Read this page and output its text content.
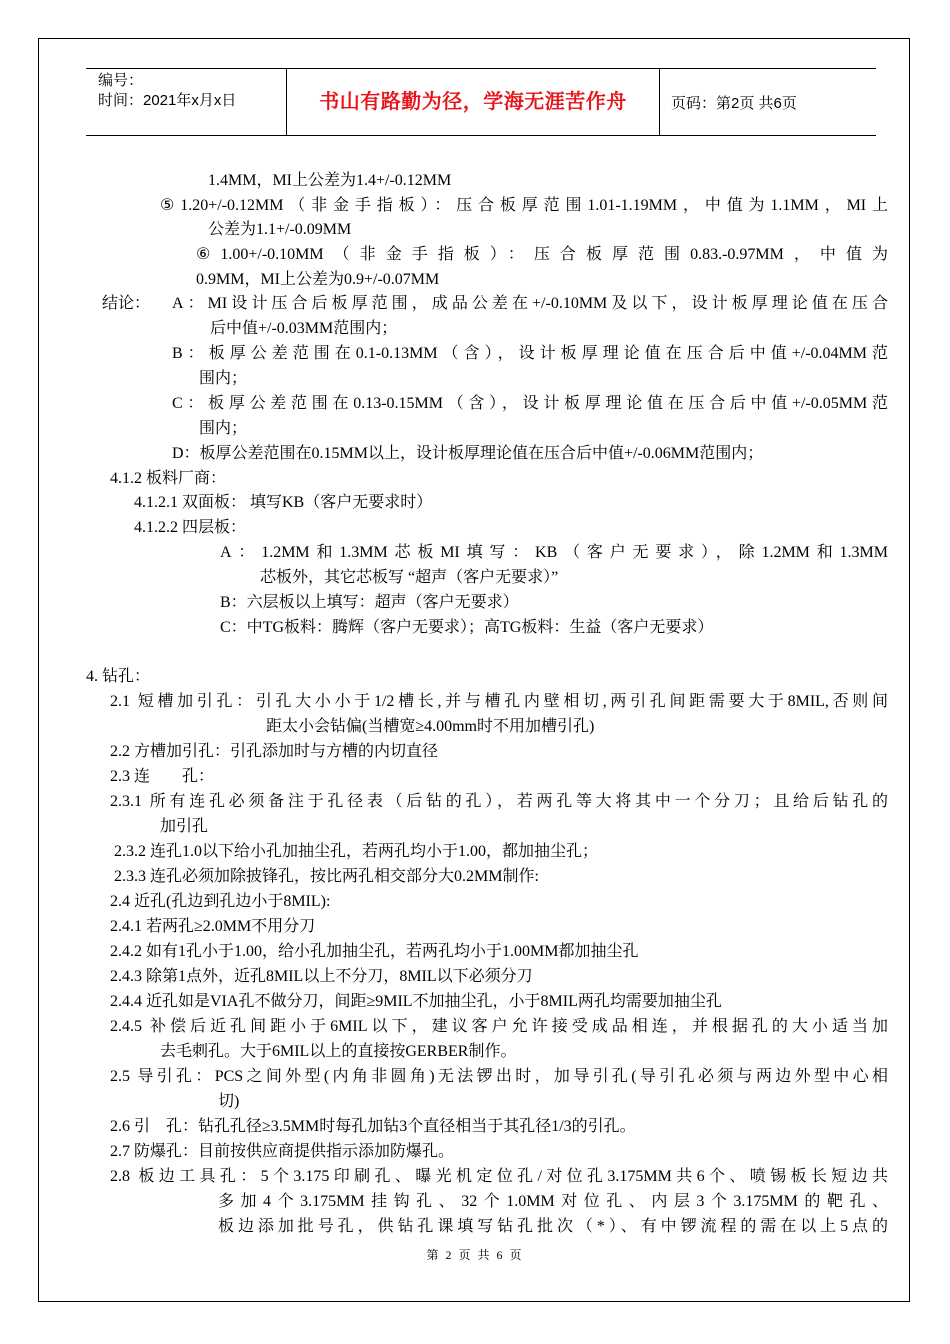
编号：
时间：2021年x月x日	书山有路勤为径，学海无涯苦作舟	页码：第2页 共6页
1.4MM，MI上公差为1.4+/-0.12MM
⑤1.20+/-0.12MM（非金手指板）：压合板厚范围1.01-1.19MM，中值为1.1MM，MI上
公差为1.1+/-0.09MM
⑥1.00+/-0.10MM（非金手指板）：压合板厚范围0.83.-0.97MM，中值为
0.9MM，MI上公差为0.9+/-0.07MM
结论： A：MI设计压合后板厚范围，成品公差在+/-0.10MM及以下，设计板厚理论值在压合
后中值+/-0.03MM范围内；
B：板厚公差范围在0.1-0.13MM（含），设计板厚理论值在压合后中值+/-0.04MM范
围内；
C：板厚公差范围在0.13-0.15MM（含），设计板厚理论值在压合后中值+/-0.05MM范
围内；
D：板厚公差范围在0.15MM以上，设计板厚理论值在压合后中值+/-0.06MM范围内；
4.1.2 板料厂商：
4.1.2.1 双面板： 填写KB（客户无要求时）
4.1.2.2 四层板：
A：1.2MM和1.3MM芯板MI填写：KB（客户无要求），除1.2MM和1.3MM
芯板外，其它芯板写 “超声（客户无要求）”
B：六层板以上填写：超声（客户无要求）
C：中TG板料：腾辉（客户无要求）；高TG板料：生益（客户无要求）
4. 钻孔：
2.1 短槽加引孔：引孔大小小于1/2槽长,并与槽孔内壁相切,两引孔间距需要大于8MIL,否则间
距太小会钻偏(当槽宽≥4.00mm时不用加槽引孔)
2.2 方槽加引孔：引孔添加时与方槽的内切直径
2.3 连        孔：
2.3.1 所有连孔必须备注于孔径表（后钻的孔），若两孔等大将其中一个分刀；且给后钻孔的
加引孔
2.3.2 连孔1.0以下给小孔加抽尘孔，若两孔均小于1.00，都加抽尘孔；
2.3.3 连孔必须加除披锋孔，按比两孔相交部分大0.2MM制作:
2.4 近孔(孔边到孔边小于8MIL):
2.4.1 若两孔≥2.0MM不用分刀
2.4.2 如有1孔小于1.00，给小孔加抽尘孔，若两孔均小于1.00MM都加抽尘孔
2.4.3 除第1点外，近孔8MIL以上不分刀，8MIL以下必须分刀
2.4.4 近孔如是VIA孔不做分刀，间距≥9MIL不加抽尘孔，小于8MIL两孔均需要加抽尘孔
2.4.5 补偿后近孔间距小于6MIL以下，建议客户允许接受成品相连，并根据孔的大小适当加
去毛刺孔。大于6MIL以上的直接按GERBER制作。
2.5 导引孔：PCS之间外型(内角非圆角)无法锣出时，加导引孔(导引孔必须与两边外型中心相
切)
2.6 引    孔：钻孔孔径≥3.5MM时每孔加钻3个直径相当于其孔径1/3的引孔。
2.7 防爆孔：目前按供应商提供指示添加防爆孔。
2.8 板边工具孔：5个3.175印刷孔、曝光机定位孔/对位孔3.175MM共6个、喷锡板长短边共
多加4个3.175MM挂钩孔、32个1.0MM对位孔、内层3个3.175MM的靶孔、
板边添加批号孔，供钻孔课填写钻孔批次（*）、有中锣流程的需在以上5点的
第 2 页 共 6 页
